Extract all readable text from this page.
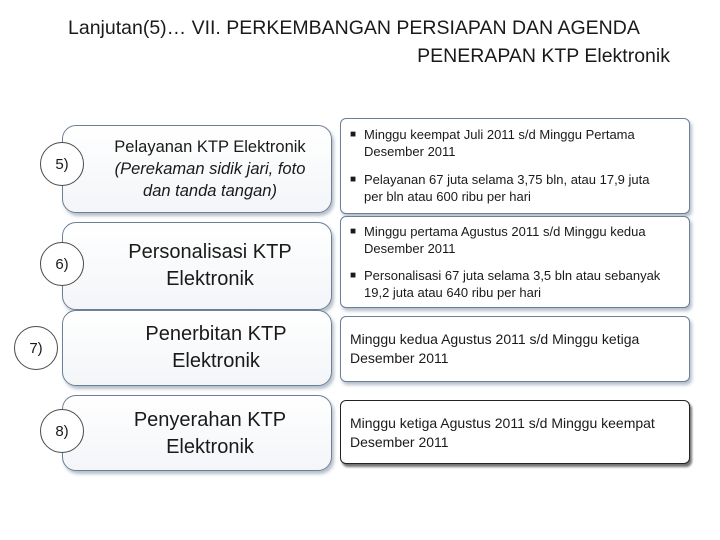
Lanjutan(5)… VII. PERKEMBANGAN PERSIAPAN DAN AGENDA
PENERAPAN KTP Elektronik
5)
Pelayanan KTP Elektronik
(Perekaman sidik jari, foto
dan tanda tangan)
■ Minggu keempat Juli 2011 s/d Minggu Pertama Desember 2011
■ Pelayanan 67 juta selama 3,75 bln, atau 17,9 juta per bln atau 600 ribu per hari
6)
Personalisasi KTP
Elektronik
■ Minggu pertama Agustus 2011 s/d Minggu kedua Desember 2011
■ Personalisasi 67 juta selama 3,5 bln atau sebanyak 19,2 juta atau 640 ribu per hari
7)
Penerbitan KTP
Elektronik
Minggu kedua Agustus 2011 s/d Minggu ketiga Desember 2011
8)	Penyerahan KTP
Elektronik
Minggu ketiga Agustus 2011 s/d Minggu keempat Desember 2011
